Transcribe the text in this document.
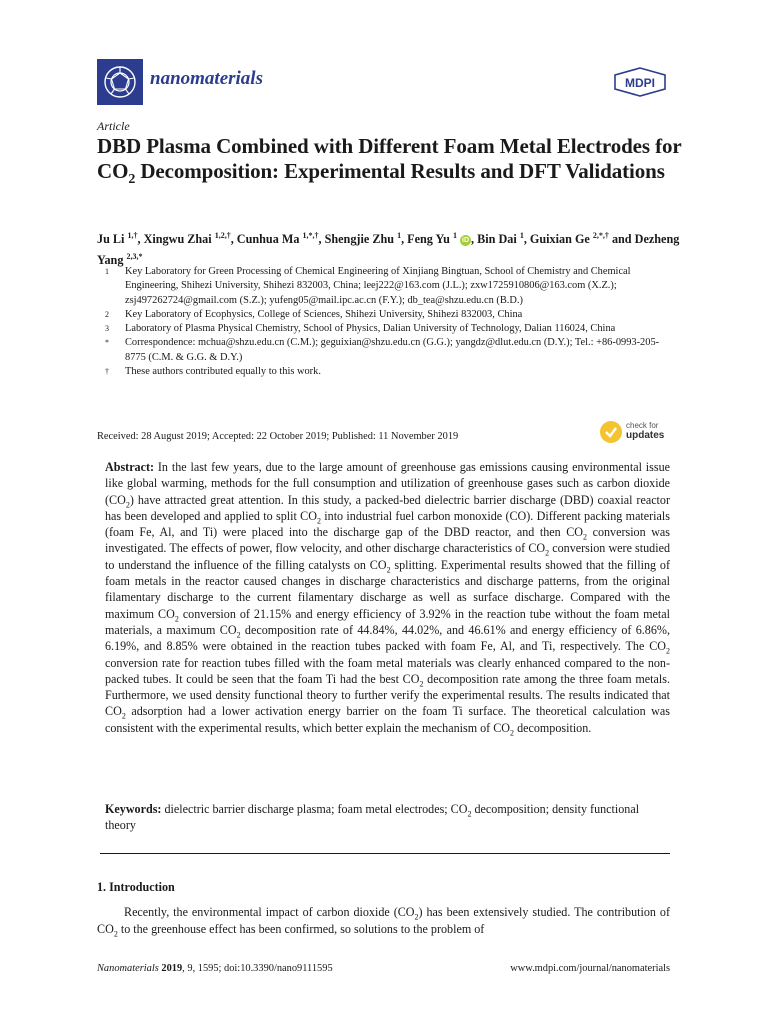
nanomaterials	MDPI
Article
DBD Plasma Combined with Different Foam Metal Electrodes for $CO_2$ Decomposition: Experimental Results and DFT Validations

Ju Li $^{1,\dagger}$, Xingwu Zhai $^{1,2,\dagger}$, Cunhua Ma $^{1,*,\dagger}$, Shengjie Zhu $^1$, Feng Yu $^1$ iD , Bin Dai $^1$, Guixian Ge $^{2,*,\dagger}$ and Dezheng Yang $^{2,3,*}$

1	Key Laboratory for Green Processing of Chemical Engineering of Xinjiang Bingtuan, School of Chemistry and Chemical Engineering, Shihezi University, Shihezi 832003, China; leej222@163.com (J.L.); zxw1725910806@163.com (X.Z.); zsj497262724@gmail.com (S.Z.); yufeng05@mail.ipc.ac.cn (F.Y.); db_tea@shzu.edu.cn (B.D.)
2	Key Laboratory of Ecophysics, College of Sciences, Shihezi University, Shihezi 832003, China
3	Laboratory of Plasma Physical Chemistry, School of Physics, Dalian University of Technology, Dalian 116024, China
*	Correspondence: mchua@shzu.edu.cn (C.M.); geguixian@shzu.edu.cn (G.G.); yangdz@dlut.edu.cn (D.Y.); Tel.: +86-0993-205-8775 (C.M. & G.G. & D.Y.)
†	These authors contributed equally to this work.
Received: 28 August 2019; Accepted: 22 October 2019; Published: 11 November 2019
check for
updates

Abstract: In the last few years, due to the large amount of greenhouse gas emissions causing environmental issue like global warming, methods for the full consumption and utilization of greenhouse gases such as carbon dioxide $(CO_2)$ have attracted great attention. In this study, a packed-bed dielectric barrier discharge (DBD) coaxial reactor has been developed and applied to split $CO_2$ into industrial fuel carbon monoxide (CO). Different packing materials (foam Fe, Al, and Ti) were placed into the discharge gap of the DBD reactor, and then $CO_2$ conversion was investigated. The effects of power, flow velocity, and other discharge characteristics of $CO_2$ conversion were studied to understand the influence of the filling catalysts on $CO_2$ splitting. Experimental results showed that the filling of foam metals in the reactor caused changes in discharge characteristics and discharge patterns, from the original filamentary discharge to the current filamentary discharge as well as surface discharge. Compared with the maximum $CO_2$ conversion of 21.15% and energy efficiency of 3.92% in the reaction tube without the foam metal materials, a maximum $CO_2$ decomposition rate of 44.84%, 44.02%, and 46.61% and energy efficiency of 6.86%, 6.19%, and 8.85% were obtained in the reaction tubes packed with foam Fe, Al, and Ti, respectively. The $CO_2$ conversion rate for reaction tubes filled with the foam metal materials was clearly enhanced compared to the non-packed tubes. It could be seen that the foam Ti had the best $CO_2$ decomposition rate among the three foam metals. Furthermore, we used density functional theory to further verify the experimental results. The results indicated that $CO_2$ adsorption had a lower activation energy barrier on the foam Ti surface. The theoretical calculation was consistent with the experimental results, which better explain the mechanism of $CO_2$ decomposition.

Keywords: dielectric barrier discharge plasma; foam metal electrodes; $CO_2$ decomposition; density functional theory

1. Introduction

Recently, the environmental impact of carbon dioxide $(CO_2)$ has been extensively studied. The contribution of $CO_2$ to the greenhouse effect has been confirmed, so solutions to the problem of

Nanomaterials 2019, 9, 1595; doi:10.3390/nano9111595	www.mdpi.com/journal/nanomaterials
